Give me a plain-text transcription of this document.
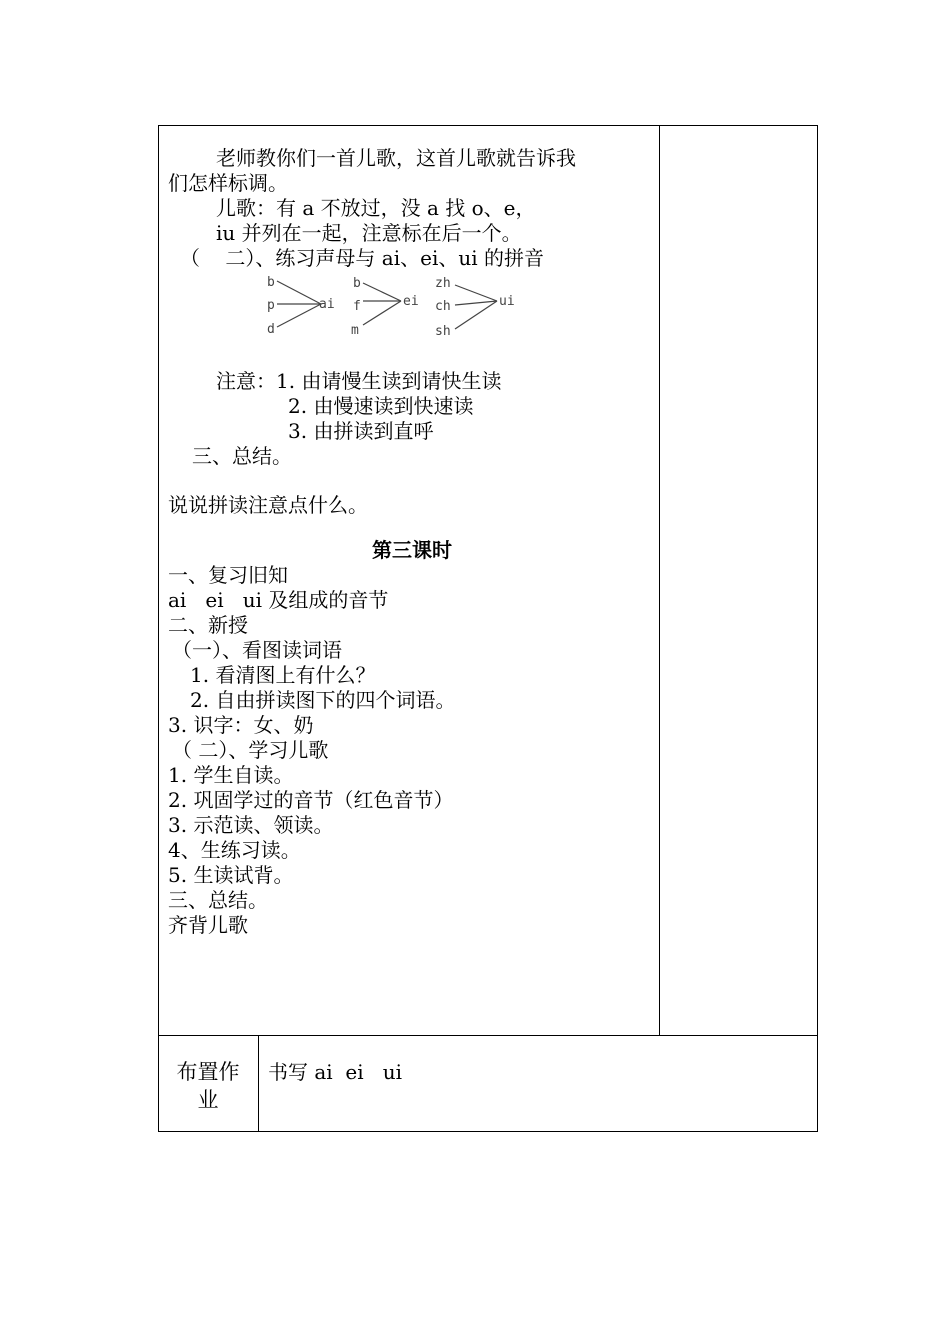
老师教你们一首儿歌，这首儿歌就告诉我

们怎样标调。

儿歌：有 a 不放过，没 a 找 o、e，

iu 并列在一起，注意标在后一个。

（    二）、练习声母与 ai、ei、ui 的拼音

b
p
d
ai
b
f
m
ei
zh
ch
sh
ui

注意：1. 由请慢生读到请快生读

2. 由慢速读到快速读

3. 由拼读到直呼

三、总结。

说说拼读注意点什么。

第三课时

一、复习旧知

ai   ei   ui 及组成的音节

二、新授

（一）、看图读词语

1. 看清图上有什么？

2. 自由拼读图下的四个词语。

3. 识字：女、奶

（ 二）、学习儿歌

1. 学生自读。

2. 巩固学过的音节（红色音节）

3. 示范读、领读。

4、生练习读。

5. 生读试背。

三、总结。

齐背儿歌

布置作
业
书写 ai  ei   ui
